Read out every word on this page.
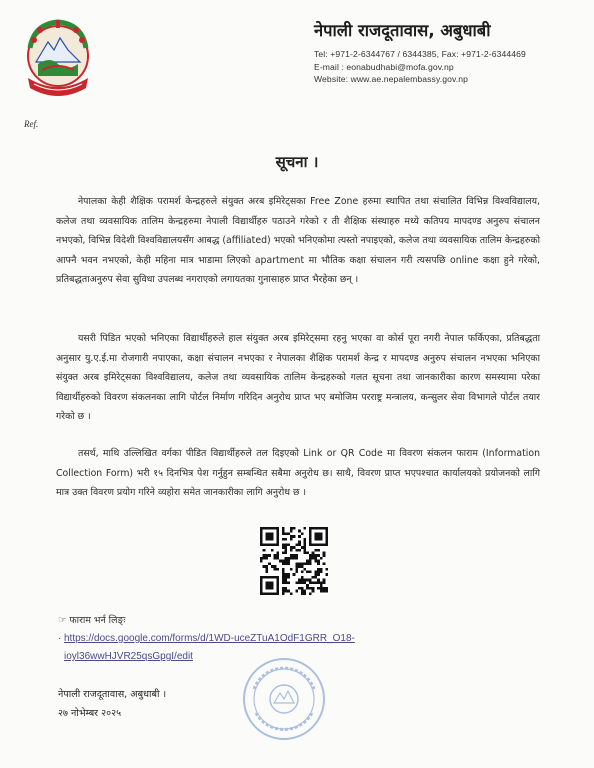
नेपाली राजदूतावास, अबुधाबी
Tel: +971-2-6344767 / 6344385, Fax: +971-2-6344469
E-mail : eonabudhabi@mofa.gov.np
Website: www.ae.nepalembassy.gov.np
Ref.
सूचना ।
नेपालका केही शैक्षिक परामर्श केन्द्रहरुले संयुक्त अरब इमिरेट्सका Free Zone हरुमा स्थापित तथा संचालित विभिन्न विश्वविद्यालय, कलेज तथा व्यवसायिक तालिम केन्द्रहरुमा नेपाली विद्यार्थीहरु पठाउने गरेको र ती शैक्षिक संस्थाहरु मध्ये कतिपय मापदण्ड अनुरुप संचालन नभएको, विभिन्न विदेशी विश्वविद्यालयसँग आबद्ध (affiliated) भएको भनिएकोमा त्यस्तो नपाइएको, कलेज तथा व्यवसायिक तालिम केन्द्रहरुको आफ्नै भवन नभएको, केही महिना मात्र भाडामा लिएको apartment मा भौतिक कक्षा संचालन गरी त्यसपछि online कक्षा हुने गरेको, प्रतिबद्धताअनुरुप सेवा सुविधा उपलब्ध नगराएको लगायतका गुनासाहरु प्राप्त भैरहेका छन् ।
यसरी पिडित भएको भनिएका विद्यार्थीहरुले हाल संयुक्त अरब इमिरेट्समा रहनु भएका वा कोर्स पूरा नगरी नेपाल फर्किएका, प्रतिबद्धता अनुसार यु.ए.ई.मा रोजगारी नपाएका, कक्षा संचालन नभएका र नेपालका शैक्षिक परामर्श केन्द्र र मापदण्ड अनुरुप संचालन नभएका भनिएका संयुक्त अरब इमिरेट्सका विश्वविद्यालय, कलेज तथा व्यवसायिक तालिम केन्द्रहरुको गलत सूचना तथा जानकारीका कारण समस्यामा परेका विद्यार्थीहरुको विवरण संकलनका लागि पोर्टल निर्माण गरिदिन अनुरोध प्राप्त भए बमोजिम परराष्ट्र मन्त्रालय, कन्सुलर सेवा विभागले पोर्टल तयार गरेको छ ।
तसर्थ, माथि उल्लिखित वर्गका पीडित विद्यार्थीहरुले तल दिइएको Link or QR Code मा विवरण संकलन फाराम (Information Collection Form) भरी १५ दिनभित्र पेश गर्नुहुन सम्बन्धित सबैमा अनुरोध छ। साथै, विवरण प्राप्त भएपश्चात कार्यालयको प्रयोजनको लागि मात्र उक्त विवरण प्रयोग गरिने व्यहोरा समेत जानकारीका लागि अनुरोध छ ।
☞ फाराम भर्न लिङ्ः
· https://docs.google.com/forms/d/1WD-uceZTuA1OdF1GRR_O18-
ioyl36wwHJVR25qsGpgI/edit
नेपाली राजदूतावास, अबुधाबी ।
२७ नोभेम्बर २०२५
